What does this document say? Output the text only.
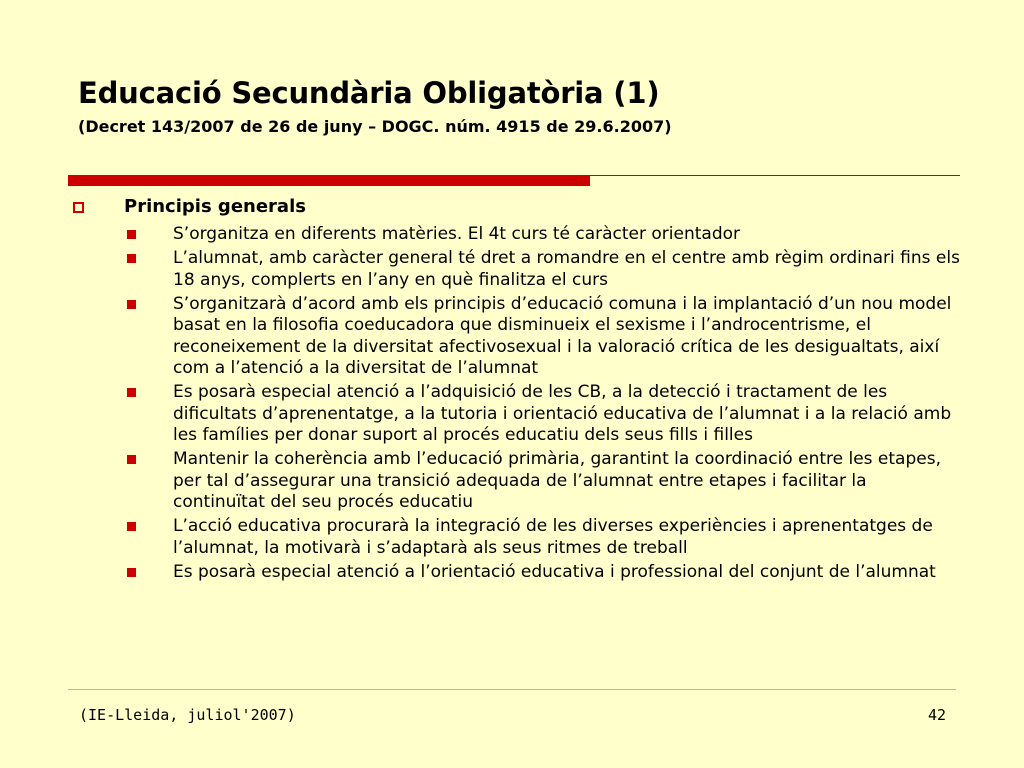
Educació Secundària Obligatòria (1)
(Decret 143/2007 de 26 de juny – DOGC. núm. 4915 de 29.6.2007)
Principis generals
S’organitza en diferents matèries. El 4t curs té caràcter orientador
L’alumnat, amb caràcter general té dret a romandre en el centre amb règim ordinari fins els 18 anys, complerts en l’any en què finalitza el curs
S’organitzarà d’acord amb els principis d’educació comuna i la implantació d’un nou model basat en la filosofia coeducadora que disminueix el sexisme i l’androcentrisme, el reconeixement de la diversitat afectivosexual i la valoració crítica de les desigualtats, així com a l’atenció a la diversitat de l’alumnat
Es posarà especial atenció a l’adquisició de les CB, a la detecció i tractament de les dificultats d’aprenentatge, a la tutoria i orientació educativa de l’alumnat i a la relació amb les famílies per donar suport al procés educatiu dels seus fills i filles
Mantenir la coherència amb l’educació primària, garantint la coordinació entre les etapes, per tal d’assegurar una transició adequada de l’alumnat entre etapes i facilitar la continuïtat del seu procés educatiu
L’acció educativa procurarà la integració de les diverses experiències i aprenentatges de l’alumnat, la motivarà i s’adaptarà als seus ritmes de treball
Es posarà especial atenció a l’orientació educativa i professional del conjunt de l’alumnat
(IE-Lleida, juliol'2007)	42
